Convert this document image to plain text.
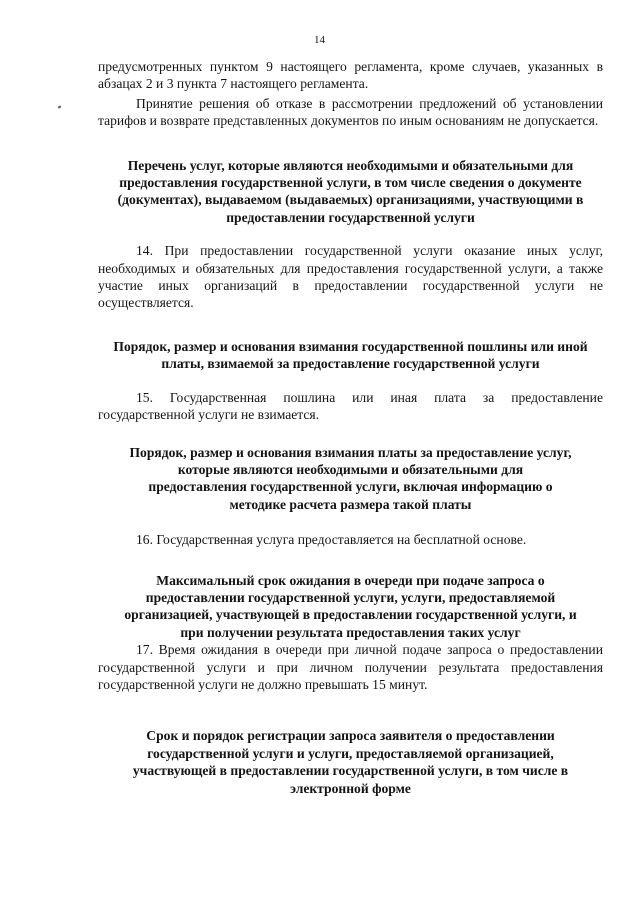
14

предусмотренных пунктом 9 настоящего регламента, кроме случаев, указанных в абзацах 2 и 3 пункта 7 настоящего регламента.

Принятие решения об отказе в рассмотрении предложений об установлении тарифов и возврате представленных документов по иным основаниям не допускается.

Перечень услуг, которые являются необходимыми и обязательными для предоставления государственной услуги, в том числе сведения о документе (документах), выдаваемом (выдаваемых) организациями, участвующими в предоставлении государственной услуги

14. При предоставлении государственной услуги оказание иных услуг, необходимых и обязательных для предоставления государственной услуги, а также участие иных организаций в предоставлении государственной услуги не осуществляется.

Порядок, размер и основания взимания государственной пошлины или иной платы, взимаемой за предоставление государственной услуги

15. Государственная пошлина или иная плата за предоставление государственной услуги не взимается.

Порядок, размер и основания взимания платы за предоставление услуг, которые являются необходимыми и обязательными для предоставления государственной услуги, включая информацию о методике расчета размера такой платы

16. Государственная услуга предоставляется на бесплатной основе.

Максимальный срок ожидания в очереди при подаче запроса о предоставлении государственной услуги, услуги, предоставляемой организацией, участвующей в предоставлении государственной услуги, и при получении результата предоставления таких услуг

17. Время ожидания в очереди при личной подаче запроса о предоставлении государственной услуги и при личном получении результата предоставления государственной услуги не должно превышать 15 минут.

Срок и порядок регистрации запроса заявителя о предоставлении государственной услуги и услуги, предоставляемой организацией, участвующей в предоставлении государственной услуги, в том числе в электронной форме
